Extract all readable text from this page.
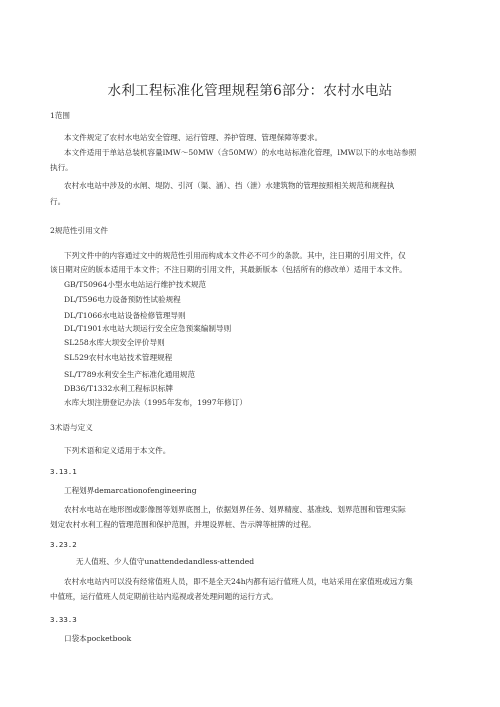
水利工程标准化管理规程第6部分：农村水电站
1范围
本文件规定了农村水电站安全管理、运行管理、养护管理、管理保障等要求。
本文件适用于单站总装机容量lMW～50MW（含50MW）的水电站标准化管理，lMW以下的水电站参照
执行。
农村水电站中涉及的水闸、堤防、引河（渠、涵）、挡（泄）水建筑物的管理按照相关规范和规程执
行。
2规范性引用文件
下列文件中的内容通过文中的规范性引用而构成本文件必不可少的条款。其中，注日期的引用文件，仅
该日期对应的版本适用于本文件；不注日期的引用文件，其最新版本（包括所有的修改单）适用于本文件。
GB/T50964小型水电站运行维护技术规范
DL/T596电力设备预防性试验规程
DL/T1066水电站设备检修管理导则
DL/T1901水电站大坝运行安全应急预案编制导则
SL258水库大坝安全评价导则
SL529农村水电站技术管理规程
SL/T789水利安全生产标准化通用规范
DB36/T1332水利工程标识标牌
水库大坝注册登记办法（1995年发布，1997年修订）
3术语与定义
下列术语和定义适用于本文件。
3.13.1
工程划界demarcationofengineering
农村水电站在地形图或影像图等划界底图上，依据划界任务、划界精度、基准线、划界范围和管理实际
划定农村水利工程的管理范围和保护范围，并埋设界桩、告示牌等桩牌的过程。
3.23.2
无人值班、少人值守unattendedandless-attended
农村水电站内可以没有经常值班人员，即不是全天24h内都有运行值班人员，电站采用在家值班或远方集
中值班，运行值班人员定期前往站内巡视或者处理问题的运行方式。
3.33.3
口袋本pocketbook
